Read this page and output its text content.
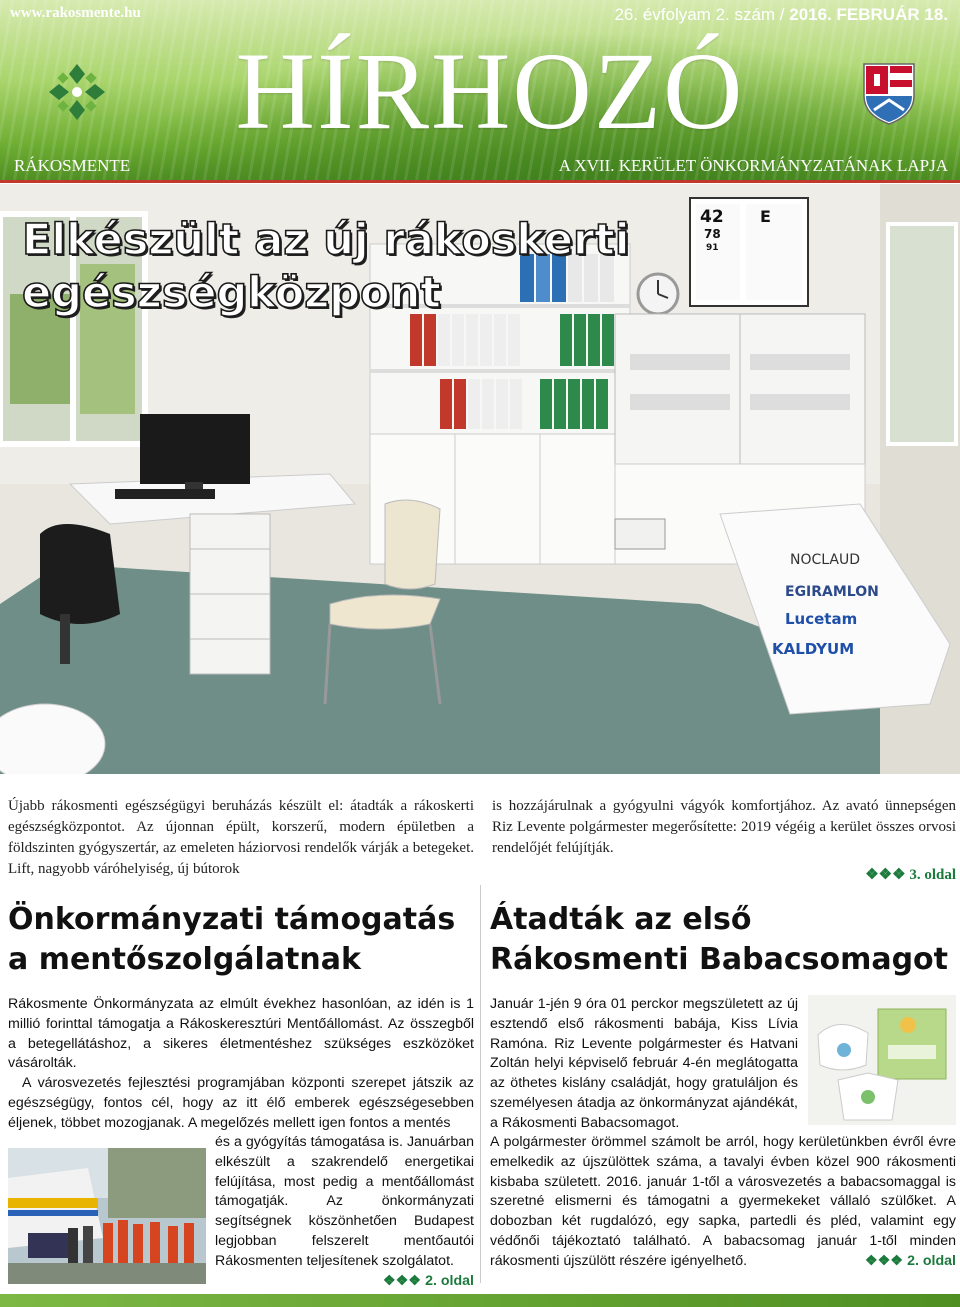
www.rakosmente.hu	26. évfolyam 2. szám / 2016. FEBRUÁR 18.
HÍRHOZÓ
RÁKOSMENTE	A XVII. KERÜLET ÖNKORMÁNYZATÁNAK LAPJA
42
78
91
E
NOCLAUD
EGIRAMLON
Lucetam
KALDYUM
Elkészült az új rákoskerti
egészségközpont
Újabb rákosmenti egészségügyi beruházás készült el: átadták a rákoskerti egészségközpontot. Az újonnan épült, korszerű, modern épületben a földszinten gyógyszertár, az emeleten háziorvosi rendelők várják a betegeket. Lift, nagyobb váróhelyiség, új bútorok
is hozzájárulnak a gyógyulni vágyók komfortjához. Az avató ünnepségen Riz Levente polgármester megerősítette: 2019 végéig a kerület összes orvosi rendelőjét felújítják.
❖❖❖ 3. oldal
Önkormányzati támogatás a mentőszolgálatnak

Rákosmente Önkormányzata az elmúlt évekhez hasonlóan, az idén is 1 millió forinttal támogatja a Rákoskeresztúri Mentőállomást. Az összegből a betegellátáshoz, a sikeres életmentéshez szükséges eszközöket vásárolták.

A városvezetés fejlesztési programjában központi szerepet játszik az egészségügy, fontos cél, hogy az itt élő emberek egészségesebben éljenek, többet mozogjanak. A megelőzés mellett igen fontos a mentés

és a gyógyítás támogatása is. Januárban elkészült a szakrendelő energetikai felújítása, most pedig a mentőállomást támogatják. Az önkormányzati segítségnek köszönhetően Budapest legjobban felszerelt mentőautói Rákosmenten teljesítenek szolgálatot.
❖❖❖ 2. oldal

Átadták az első Rákosmenti Babacsomagot

Január 1-jén 9 óra 01 perckor megszületett az új esztendő első rákosmenti babája, Kiss Lívia Ramóna. Riz Levente polgármester és Hatvani Zoltán helyi képviselő február 4-én meglátogatta az öthetes kislány családját, hogy gratuláljon és személyesen átadja az önkormányzat ajándékát, a Rákosmenti Babacsomagot.

A polgármester örömmel számolt be arról, hogy kerületünkben évről évre emelkedik az újszülöttek száma, a tavalyi évben közel 900 rákosmenti kisbaba született. 2016. január 1-től a városvezetés a babacsomaggal is szeretné elismerni és támogatni a gyermekeket vállaló szülőket. A dobozban két rugdalózó, egy sapka, partedli és pléd, valamint egy védőnői tájékoztató található. A babacsomag január 1-től minden rákosmenti újszülött részére igényelhető.	❖❖❖ 2. oldal
